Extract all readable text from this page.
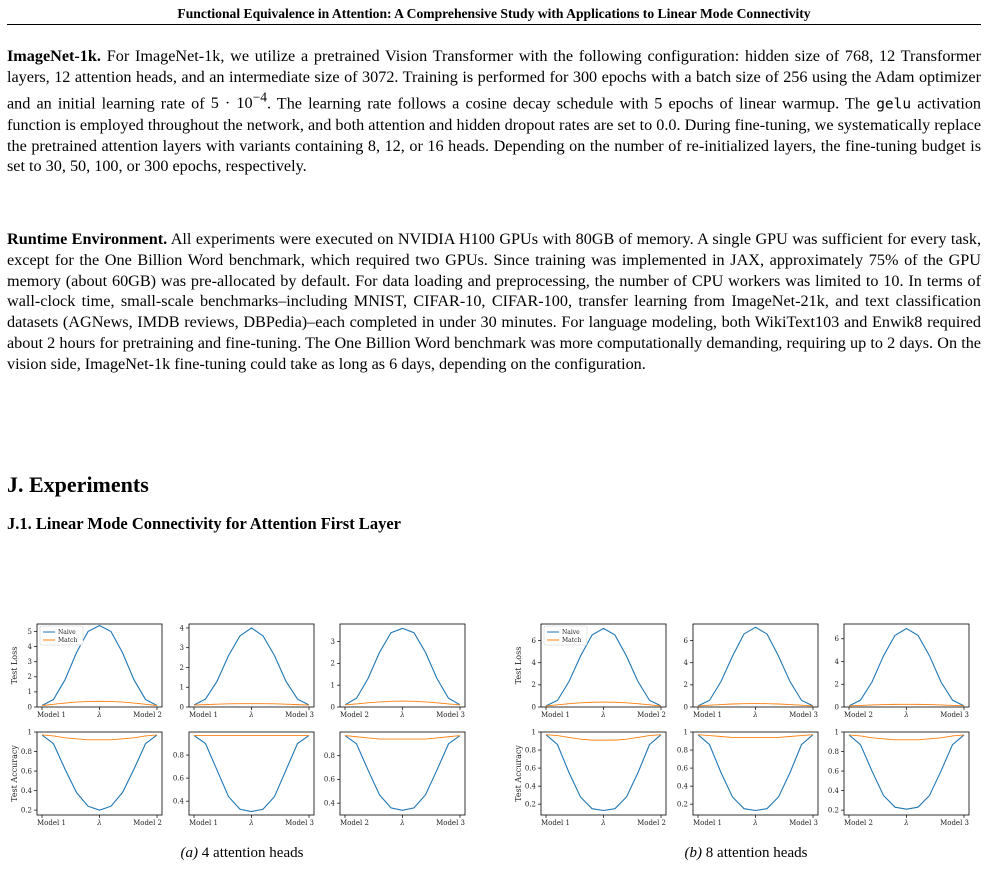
Functional Equivalence in Attention: A Comprehensive Study with Applications to Linear Mode Connectivity

ImageNet-1k. For ImageNet-1k, we utilize a pretrained Vision Transformer with the following configuration: hidden size of 768, 12 Transformer layers, 12 attention heads, and an intermediate size of 3072. Training is performed for 300 epochs with a batch size of 256 using the Adam optimizer and an initial learning rate of $5 \cdot 10^{-4}$. The learning rate follows a cosine decay schedule with 5 epochs of linear warmup. The gelu activation function is employed throughout the network, and both attention and hidden dropout rates are set to 0.0. During fine-tuning, we systematically replace the pretrained attention layers with variants containing 8, 12, or 16 heads. Depending on the number of re-initialized layers, the fine-tuning budget is set to 30, 50, 100, or 300 epochs, respectively.

Runtime Environment. All experiments were executed on NVIDIA H100 GPUs with 80GB of memory. A single GPU was sufficient for every task, except for the One Billion Word benchmark, which required two GPUs. Since training was implemented in JAX, approximately 75% of the GPU memory (about 60GB) was pre-allocated by default. For data loading and preprocessing, the number of CPU workers was limited to 10. In terms of wall-clock time, small-scale benchmarks–including MNIST, CIFAR-10, CIFAR-100, transfer learning from ImageNet-21k, and text classification datasets (AGNews, IMDB reviews, DBPedia)–each completed in under 30 minutes. For language modeling, both WikiText103 and Enwik8 required about 2 hours for pretraining and fine-tuning. The One Billion Word benchmark was more computationally demanding, requiring up to 2 days. On the vision side, ImageNet-1k fine-tuning could take as long as 6 days, depending on the configuration.

J. Experiments
J.1. Linear Mode Connectivity for Attention First Layer
0
1
2
3
4
5
Model 1	λ	Model 2
Test Loss
Naive
Match
0
1
2
3
4
Model 1	λ	Model 3
0
1
2
3
Model 2	λ	Model 3
0.2
0.4
0.6
0.8
1
Model 1	λ	Model 2
Test Accuracy	0.4
0.6
0.8
Model 1	λ	Model 3
0.4
0.6
0.8
Model 2	λ	Model 3
0
2
4
6
Model 1	λ	Model 2
Test Loss
Naive
Match
0
2
4
6
Model 1	λ	Model 3
0
2
4
6
Model 2	λ	Model 3
0.2
0.4
0.6
0.8
1
Model 1	λ	Model 2
Test Accuracy
0.2
0.4
0.6
0.8
1
Model 1	λ	Model 3
0.2
0.4
0.6
0.8
1
Model 2	λ	Model 3

(a) 4 attention heads	(b) 8 attention heads
